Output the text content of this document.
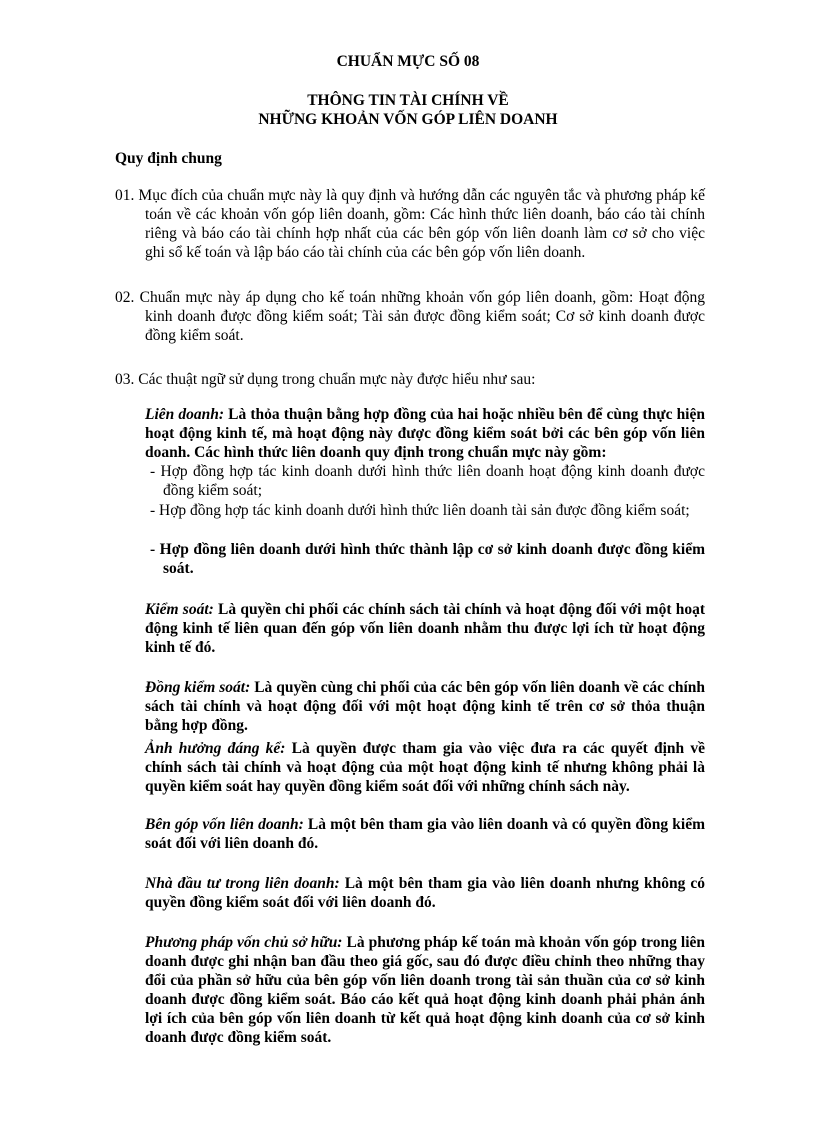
CHUẨN MỰC SỐ 08
THÔNG TIN TÀI CHÍNH VỀ
NHỮNG KHOẢN VỐN GÓP LIÊN DOANH
Quy định chung

01. Mục đích của chuẩn mực này là quy định và hướng dẫn các nguyên tắc và phương pháp kế toán về các khoản vốn góp liên doanh, gồm: Các hình thức liên doanh, báo cáo tài chính riêng và báo cáo tài chính hợp nhất của các bên góp vốn liên doanh làm cơ sở cho việc ghi sổ kế toán và lập báo cáo tài chính của các bên góp vốn liên doanh.

02. Chuẩn mực này áp dụng cho kế toán những khoản vốn góp liên doanh, gồm: Hoạt động kinh doanh được đồng kiểm soát; Tài sản được đồng kiểm soát; Cơ sở kinh doanh được đồng kiểm soát.

03. Các thuật ngữ sử dụng trong chuẩn mực này được hiểu như sau:

Liên doanh: Là thỏa thuận bằng hợp đồng của hai hoặc nhiều bên để cùng thực hiện hoạt động kinh tế, mà hoạt động này được đồng kiểm soát bởi các bên góp vốn liên doanh. Các hình thức liên doanh quy định trong chuẩn mực này gồm:

- Hợp đồng hợp tác kinh doanh dưới hình thức liên doanh hoạt động kinh doanh được đồng kiểm soát;

- Hợp đồng hợp tác kinh doanh dưới hình thức liên doanh tài sản được đồng kiểm soát;

- Hợp đồng liên doanh dưới hình thức thành lập cơ sở kinh doanh được đồng kiểm soát.

Kiểm soát: Là quyền chi phối các chính sách tài chính và hoạt động đối với một hoạt động kinh tế liên quan đến góp vốn liên doanh nhằm thu được lợi ích từ hoạt động kinh tế đó.

Đồng kiểm soát: Là quyền cùng chi phối của các bên góp vốn liên doanh về các chính sách tài chính và hoạt động đối với một hoạt động kinh tế trên cơ sở thỏa thuận bằng hợp đồng.

Ảnh hưởng đáng kể: Là quyền được tham gia vào việc đưa ra các quyết định về chính sách tài chính và hoạt động của một hoạt động kinh tế nhưng không phải là quyền kiểm soát hay quyền đồng kiểm soát đối với những chính sách này.

Bên góp vốn liên doanh: Là một bên tham gia vào liên doanh và có quyền đồng kiểm soát đối với liên doanh đó.

Nhà đầu tư trong liên doanh: Là một bên tham gia vào liên doanh nhưng không có quyền đồng kiểm soát đối với liên doanh đó.

Phương pháp vốn chủ sở hữu: Là phương pháp kế toán mà khoản vốn góp trong liên doanh được ghi nhận ban đầu theo giá gốc, sau đó được điều chỉnh theo những thay đổi của phần sở hữu của bên góp vốn liên doanh trong tài sản thuần của cơ sở kinh doanh được đồng kiểm soát. Báo cáo kết quả hoạt động kinh doanh phải phản ánh lợi ích của bên góp vốn liên doanh từ kết quả hoạt động kinh doanh của cơ sở kinh doanh được đồng kiểm soát.
